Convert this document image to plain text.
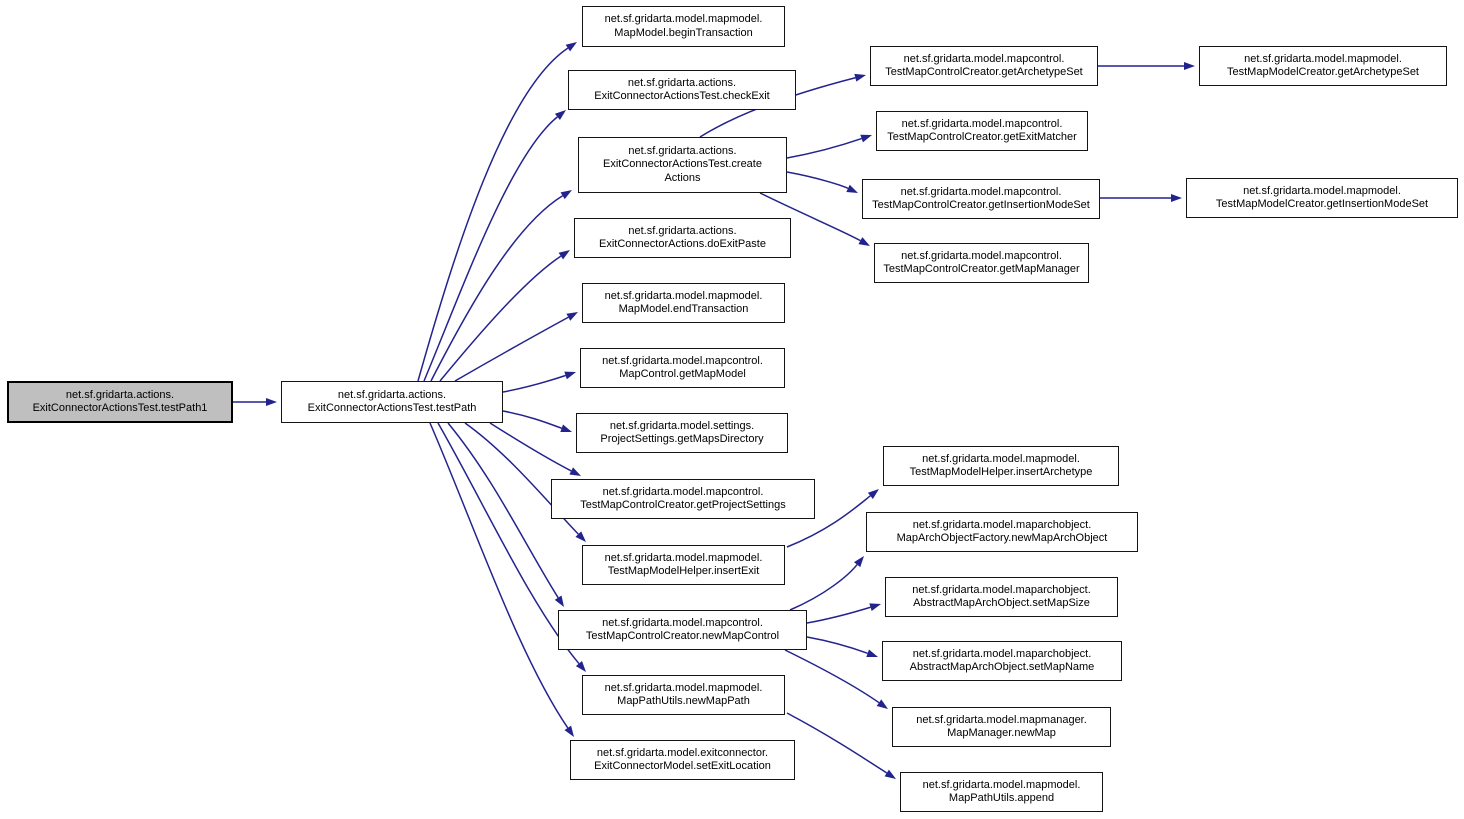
net.sf.gridarta.actions.
ExitConnectorActionsTest.testPath1
net.sf.gridarta.actions.
ExitConnectorActionsTest.testPath
net.sf.gridarta.model.mapmodel.
MapModel.beginTransaction
net.sf.gridarta.actions.
ExitConnectorActionsTest.checkExit
net.sf.gridarta.actions.
ExitConnectorActionsTest.create
Actions
net.sf.gridarta.actions.
ExitConnectorActions.doExitPaste
net.sf.gridarta.model.mapmodel.
MapModel.endTransaction
net.sf.gridarta.model.mapcontrol.
MapControl.getMapModel
net.sf.gridarta.model.settings.
ProjectSettings.getMapsDirectory
net.sf.gridarta.model.mapcontrol.
TestMapControlCreator.getProjectSettings
net.sf.gridarta.model.mapmodel.
TestMapModelHelper.insertExit
net.sf.gridarta.model.mapcontrol.
TestMapControlCreator.newMapControl
net.sf.gridarta.model.mapmodel.
MapPathUtils.newMapPath
net.sf.gridarta.model.exitconnector.
ExitConnectorModel.setExitLocation
net.sf.gridarta.model.mapcontrol.
TestMapControlCreator.getArchetypeSet
net.sf.gridarta.model.mapcontrol.
TestMapControlCreator.getExitMatcher
net.sf.gridarta.model.mapcontrol.
TestMapControlCreator.getInsertionModeSet
net.sf.gridarta.model.mapcontrol.
TestMapControlCreator.getMapManager
net.sf.gridarta.model.mapmodel.
TestMapModelHelper.insertArchetype
net.sf.gridarta.model.maparchobject.
MapArchObjectFactory.newMapArchObject
net.sf.gridarta.model.maparchobject.
AbstractMapArchObject.setMapSize
net.sf.gridarta.model.maparchobject.
AbstractMapArchObject.setMapName
net.sf.gridarta.model.mapmanager.
MapManager.newMap
net.sf.gridarta.model.mapmodel.
MapPathUtils.append
net.sf.gridarta.model.mapmodel.
TestMapModelCreator.getArchetypeSet
net.sf.gridarta.model.mapmodel.
TestMapModelCreator.getInsertionModeSet
